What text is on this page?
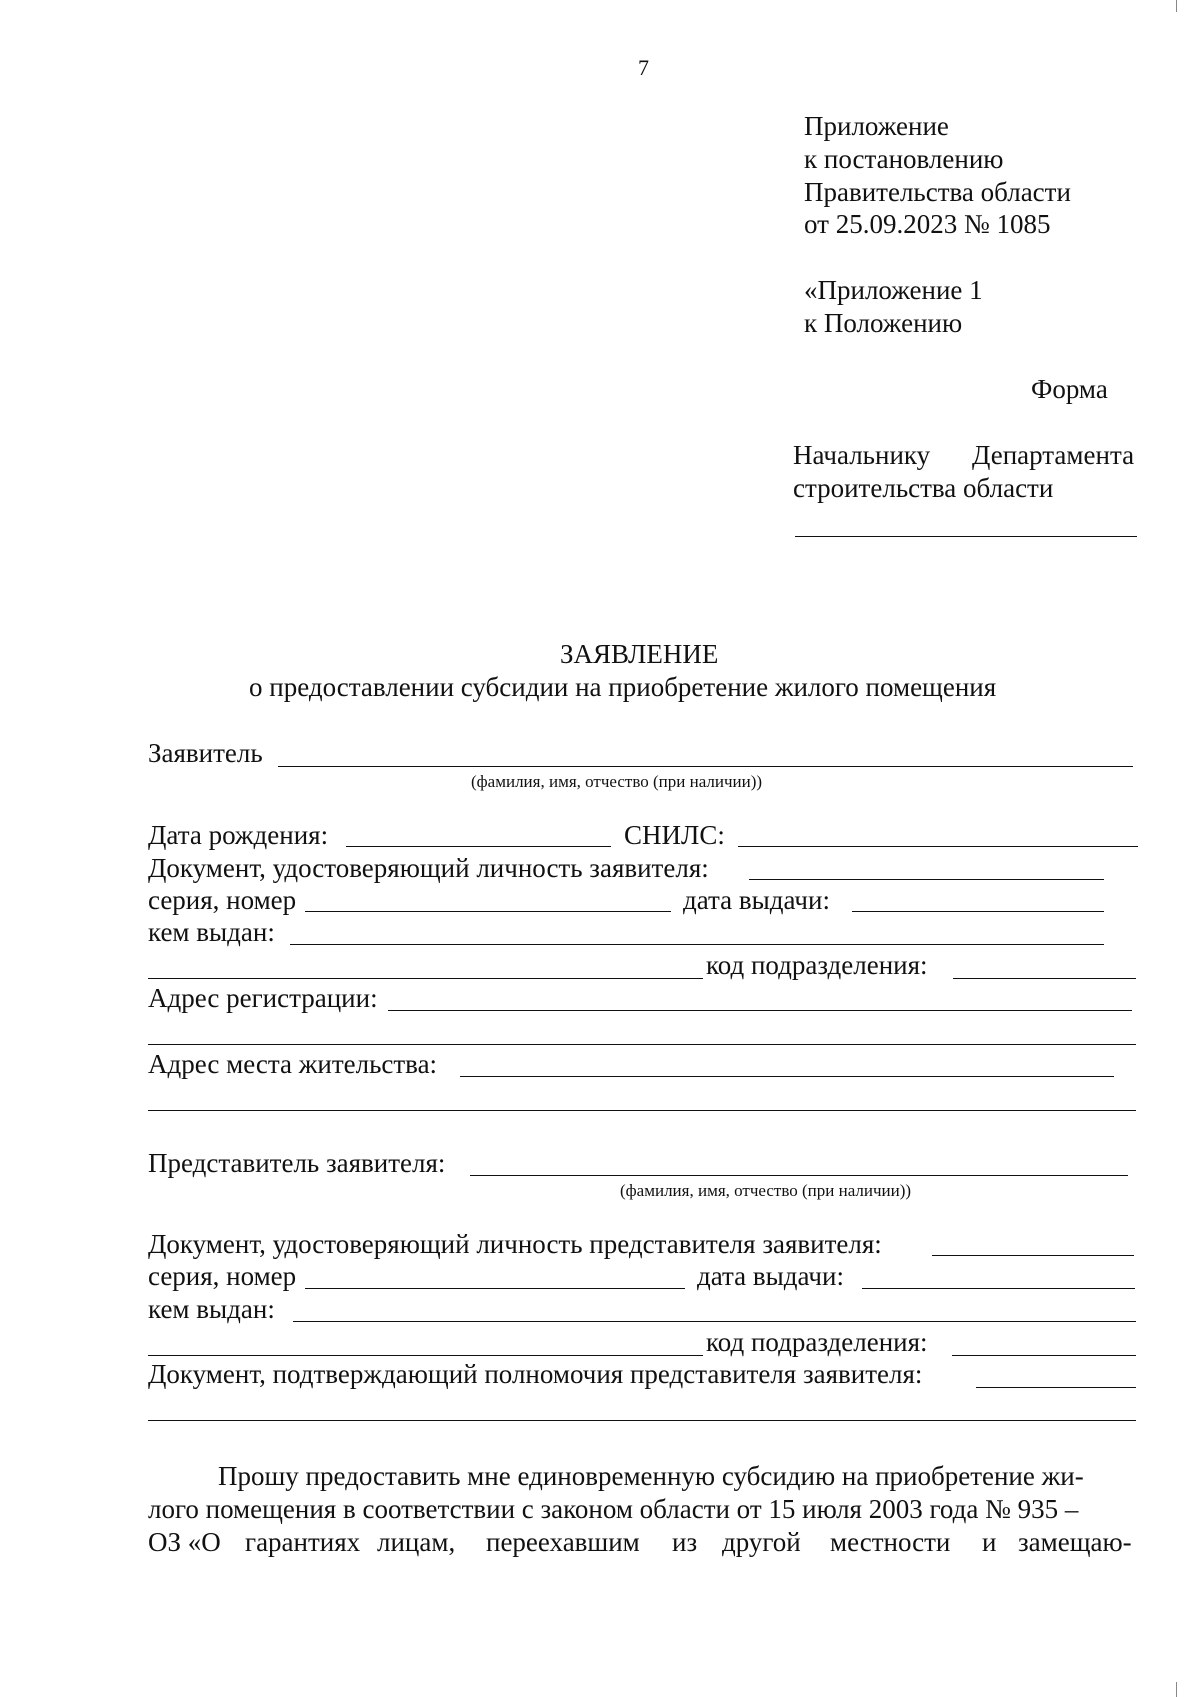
7
Приложение
к постановлению
Правительства области
от 25.09.2023 № 1085
«Приложение 1
к Положению
Форма
Начальнику Департамента
строительства области
ЗАЯВЛЕНИЕ
о предоставлении субсидии на приобретение жилого помещения
Заявитель
(фамилия, имя, отчество (при наличии))
Дата рождения:	СНИЛС:
Документ, удостоверяющий личность заявителя:
серия, номер	дата выдачи:
кем выдан:
код подразделения:
Адрес регистрации:
Адрес места жительства:
Представитель заявителя:
(фамилия, имя, отчество (при наличии))
Документ, удостоверяющий личность представителя заявителя:
серия, номер	дата выдачи:
кем выдан:
код подразделения:
Документ, подтверждающий полномочия представителя заявителя:
Прошу предоставить мне единовременную субсидию на приобретение жи-
лого помещения в соответствии с законом области от 15 июля 2003 года № 935 –
ОЗ «О гарантиях лицам, переехавшим из другой местности и замещаю-
